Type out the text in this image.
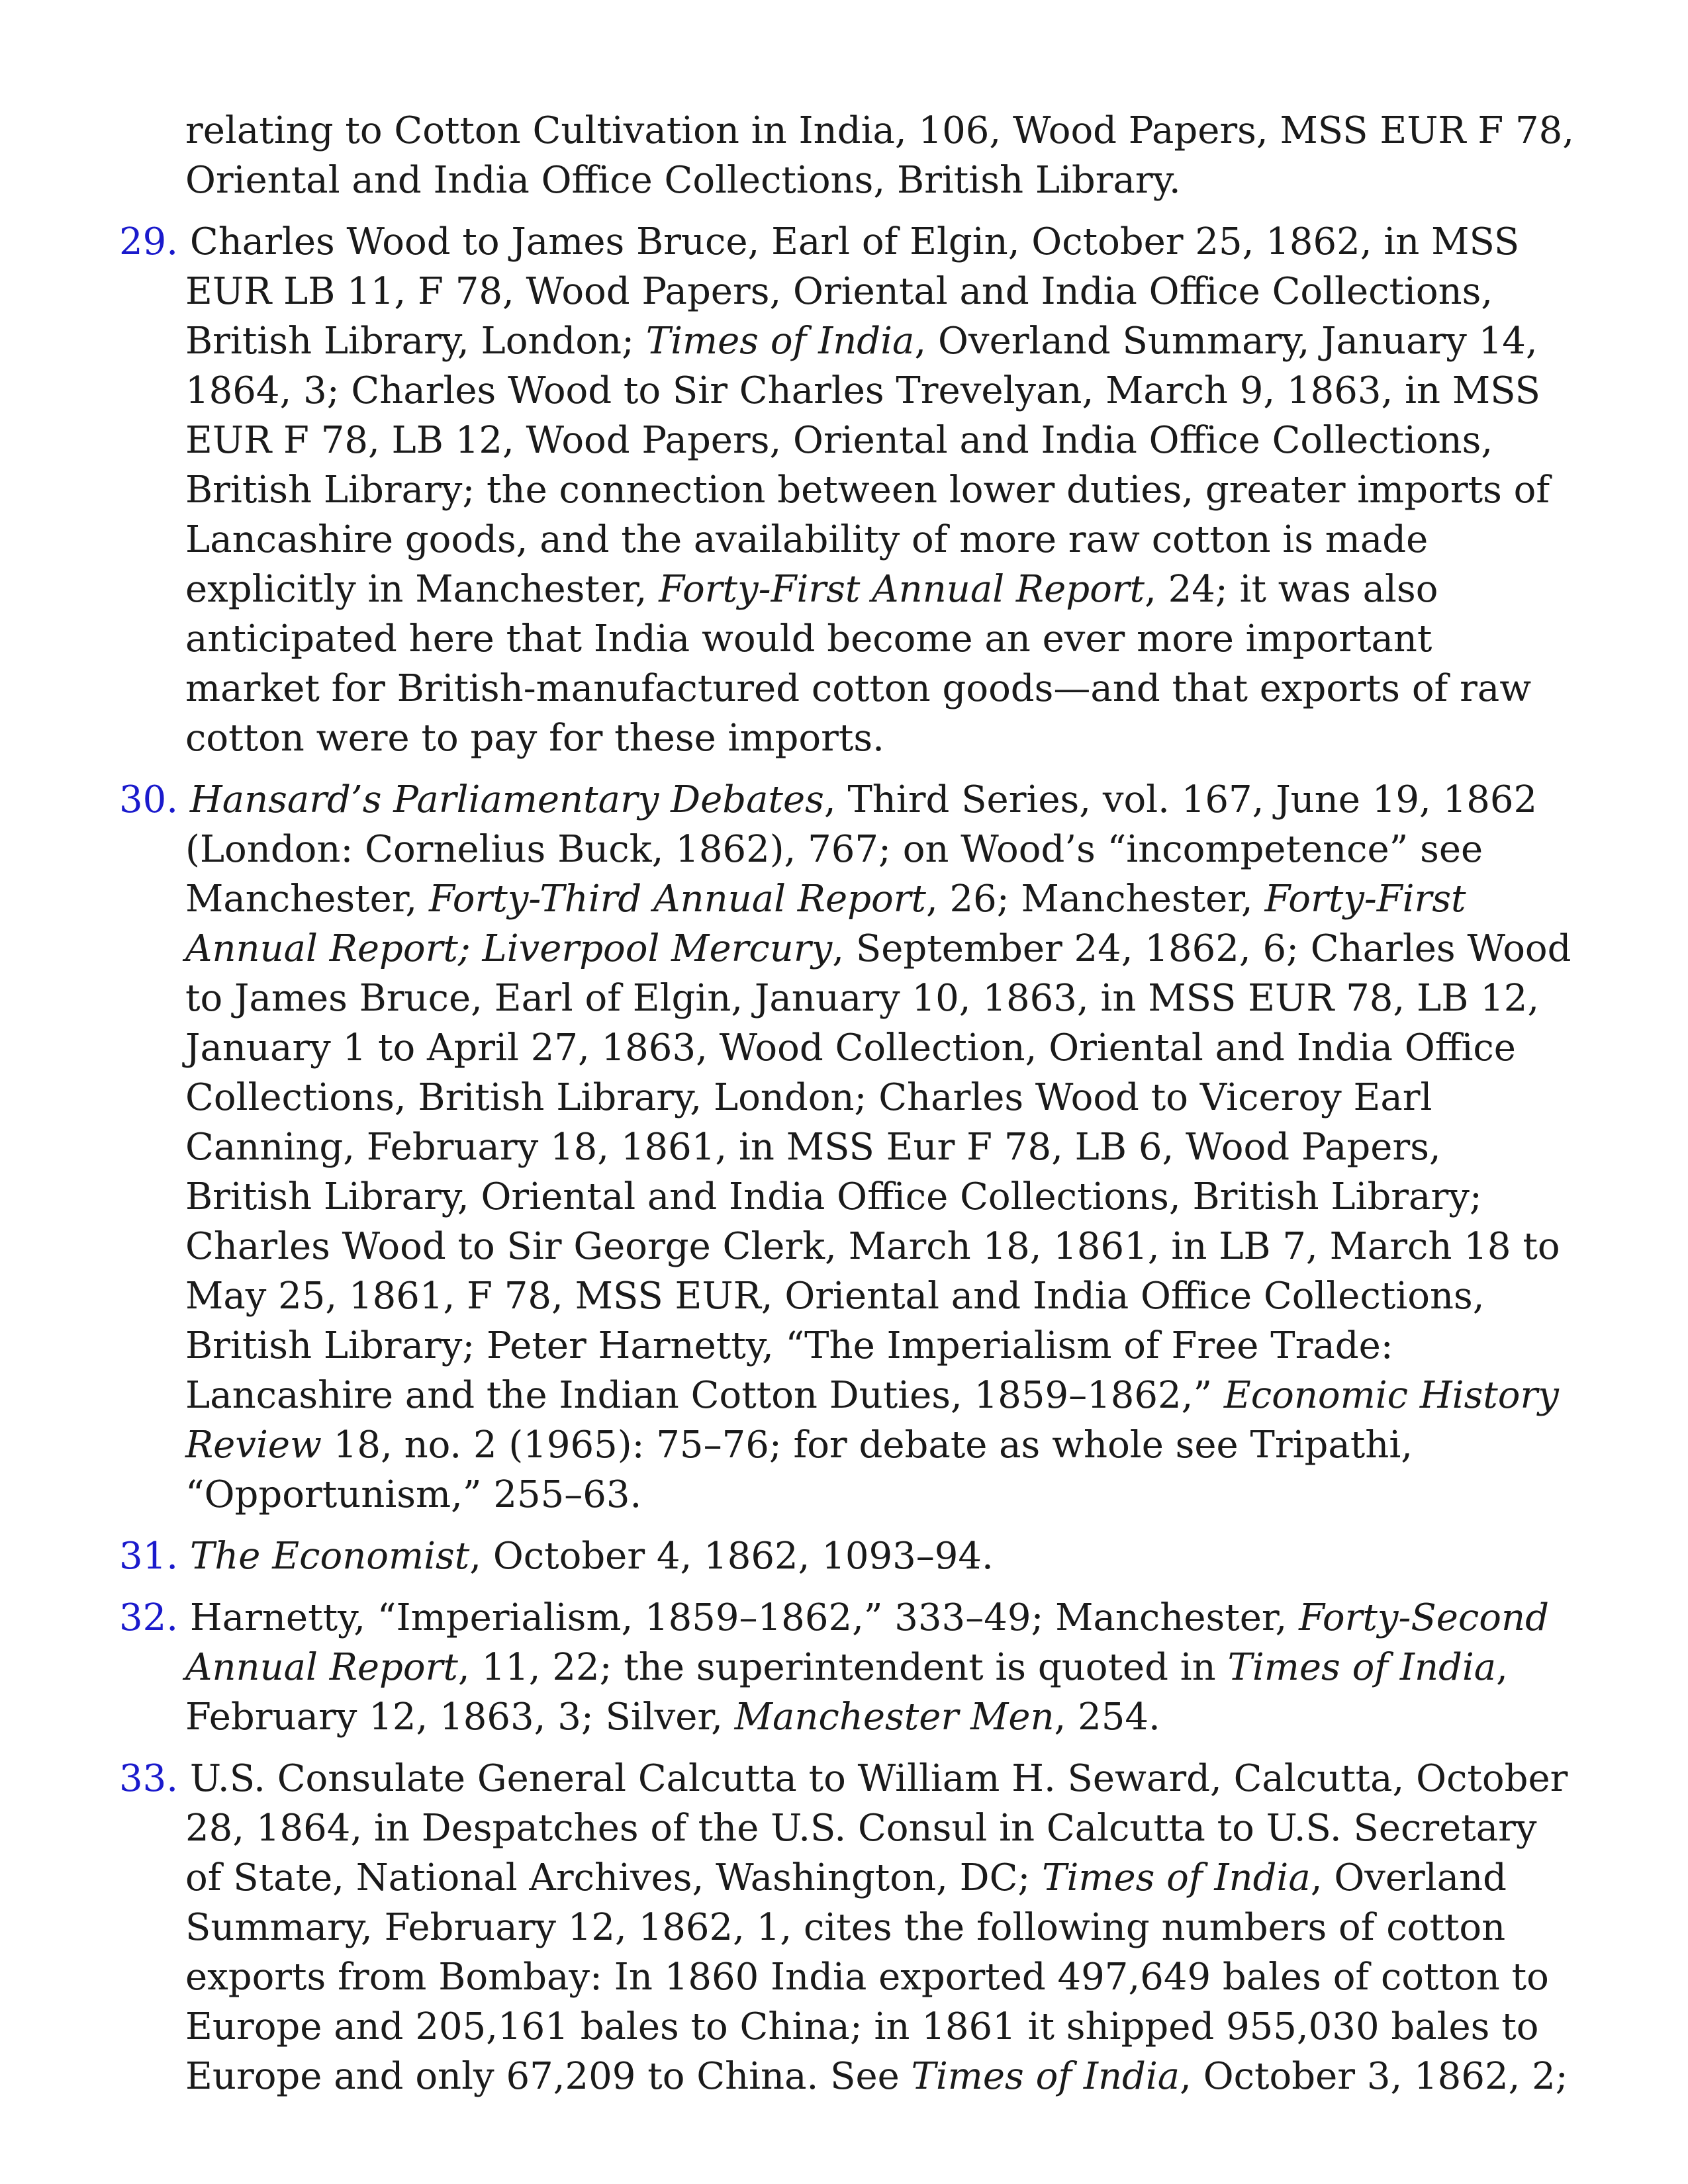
relating to Cotton Cultivation in India, 106, Wood Papers, MSS EUR F 78, Oriental and India Office Collections, British Library.

29. Charles Wood to James Bruce, Earl of Elgin, October 25, 1862, in MSS EUR LB 11, F 78, Wood Papers, Oriental and India Office Collections, British Library, London; Times of India, Overland Summary, January 14, 1864, 3; Charles Wood to Sir Charles Trevelyan, March 9, 1863, in MSS EUR F 78, LB 12, Wood Papers, Oriental and India Office Collections, British Library; the connection between lower duties, greater imports of Lancashire goods, and the availability of more raw cotton is made explicitly in Manchester, Forty-First Annual Report, 24; it was also anticipated here that India would become an ever more important market for British-manufactured cotton goods—and that exports of raw cotton were to pay for these imports.

30. Hansard’s Parliamentary Debates, Third Series, vol. 167, June 19, 1862 (London: Cornelius Buck, 1862), 767; on Wood’s “incompetence” see Manchester, Forty-Third Annual Report, 26; Manchester, Forty-First Annual Report; Liverpool Mercury, September 24, 1862, 6; Charles Wood to James Bruce, Earl of Elgin, January 10, 1863, in MSS EUR 78, LB 12, January 1 to April 27, 1863, Wood Collection, Oriental and India Office Collections, British Library, London; Charles Wood to Viceroy Earl Canning, February 18, 1861, in MSS Eur F 78, LB 6, Wood Papers, British Library, Oriental and India Office Collections, British Library; Charles Wood to Sir George Clerk, March 18, 1861, in LB 7, March 18 to May 25, 1861, F 78, MSS EUR, Oriental and India Office Collections, British Library; Peter Harnetty, “The Imperialism of Free Trade: Lancashire and the Indian Cotton Duties, 1859–1862,” Economic History Review 18, no. 2 (1965): 75–76; for debate as whole see Tripathi, “Opportunism,” 255–63.

31. The Economist, October 4, 1862, 1093–94.

32. Harnetty, “Imperialism, 1859–1862,” 333–49; Manchester, Forty-Second Annual Report, 11, 22; the superintendent is quoted in Times of India, February 12, 1863, 3; Silver, Manchester Men, 254.

33. U.S. Consulate General Calcutta to William H. Seward, Calcutta, October 28, 1864, in Despatches of the U.S. Consul in Calcutta to U.S. Secretary of State, National Archives, Washington, DC; Times of India, Overland Summary, February 12, 1862, 1, cites the following numbers of cotton exports from Bombay: In 1860 India exported 497,649 bales of cotton to Europe and 205,161 bales to China; in 1861 it shipped 955,030 bales to Europe and only 67,209 to China. See Times of India, October 3, 1862, 2;
